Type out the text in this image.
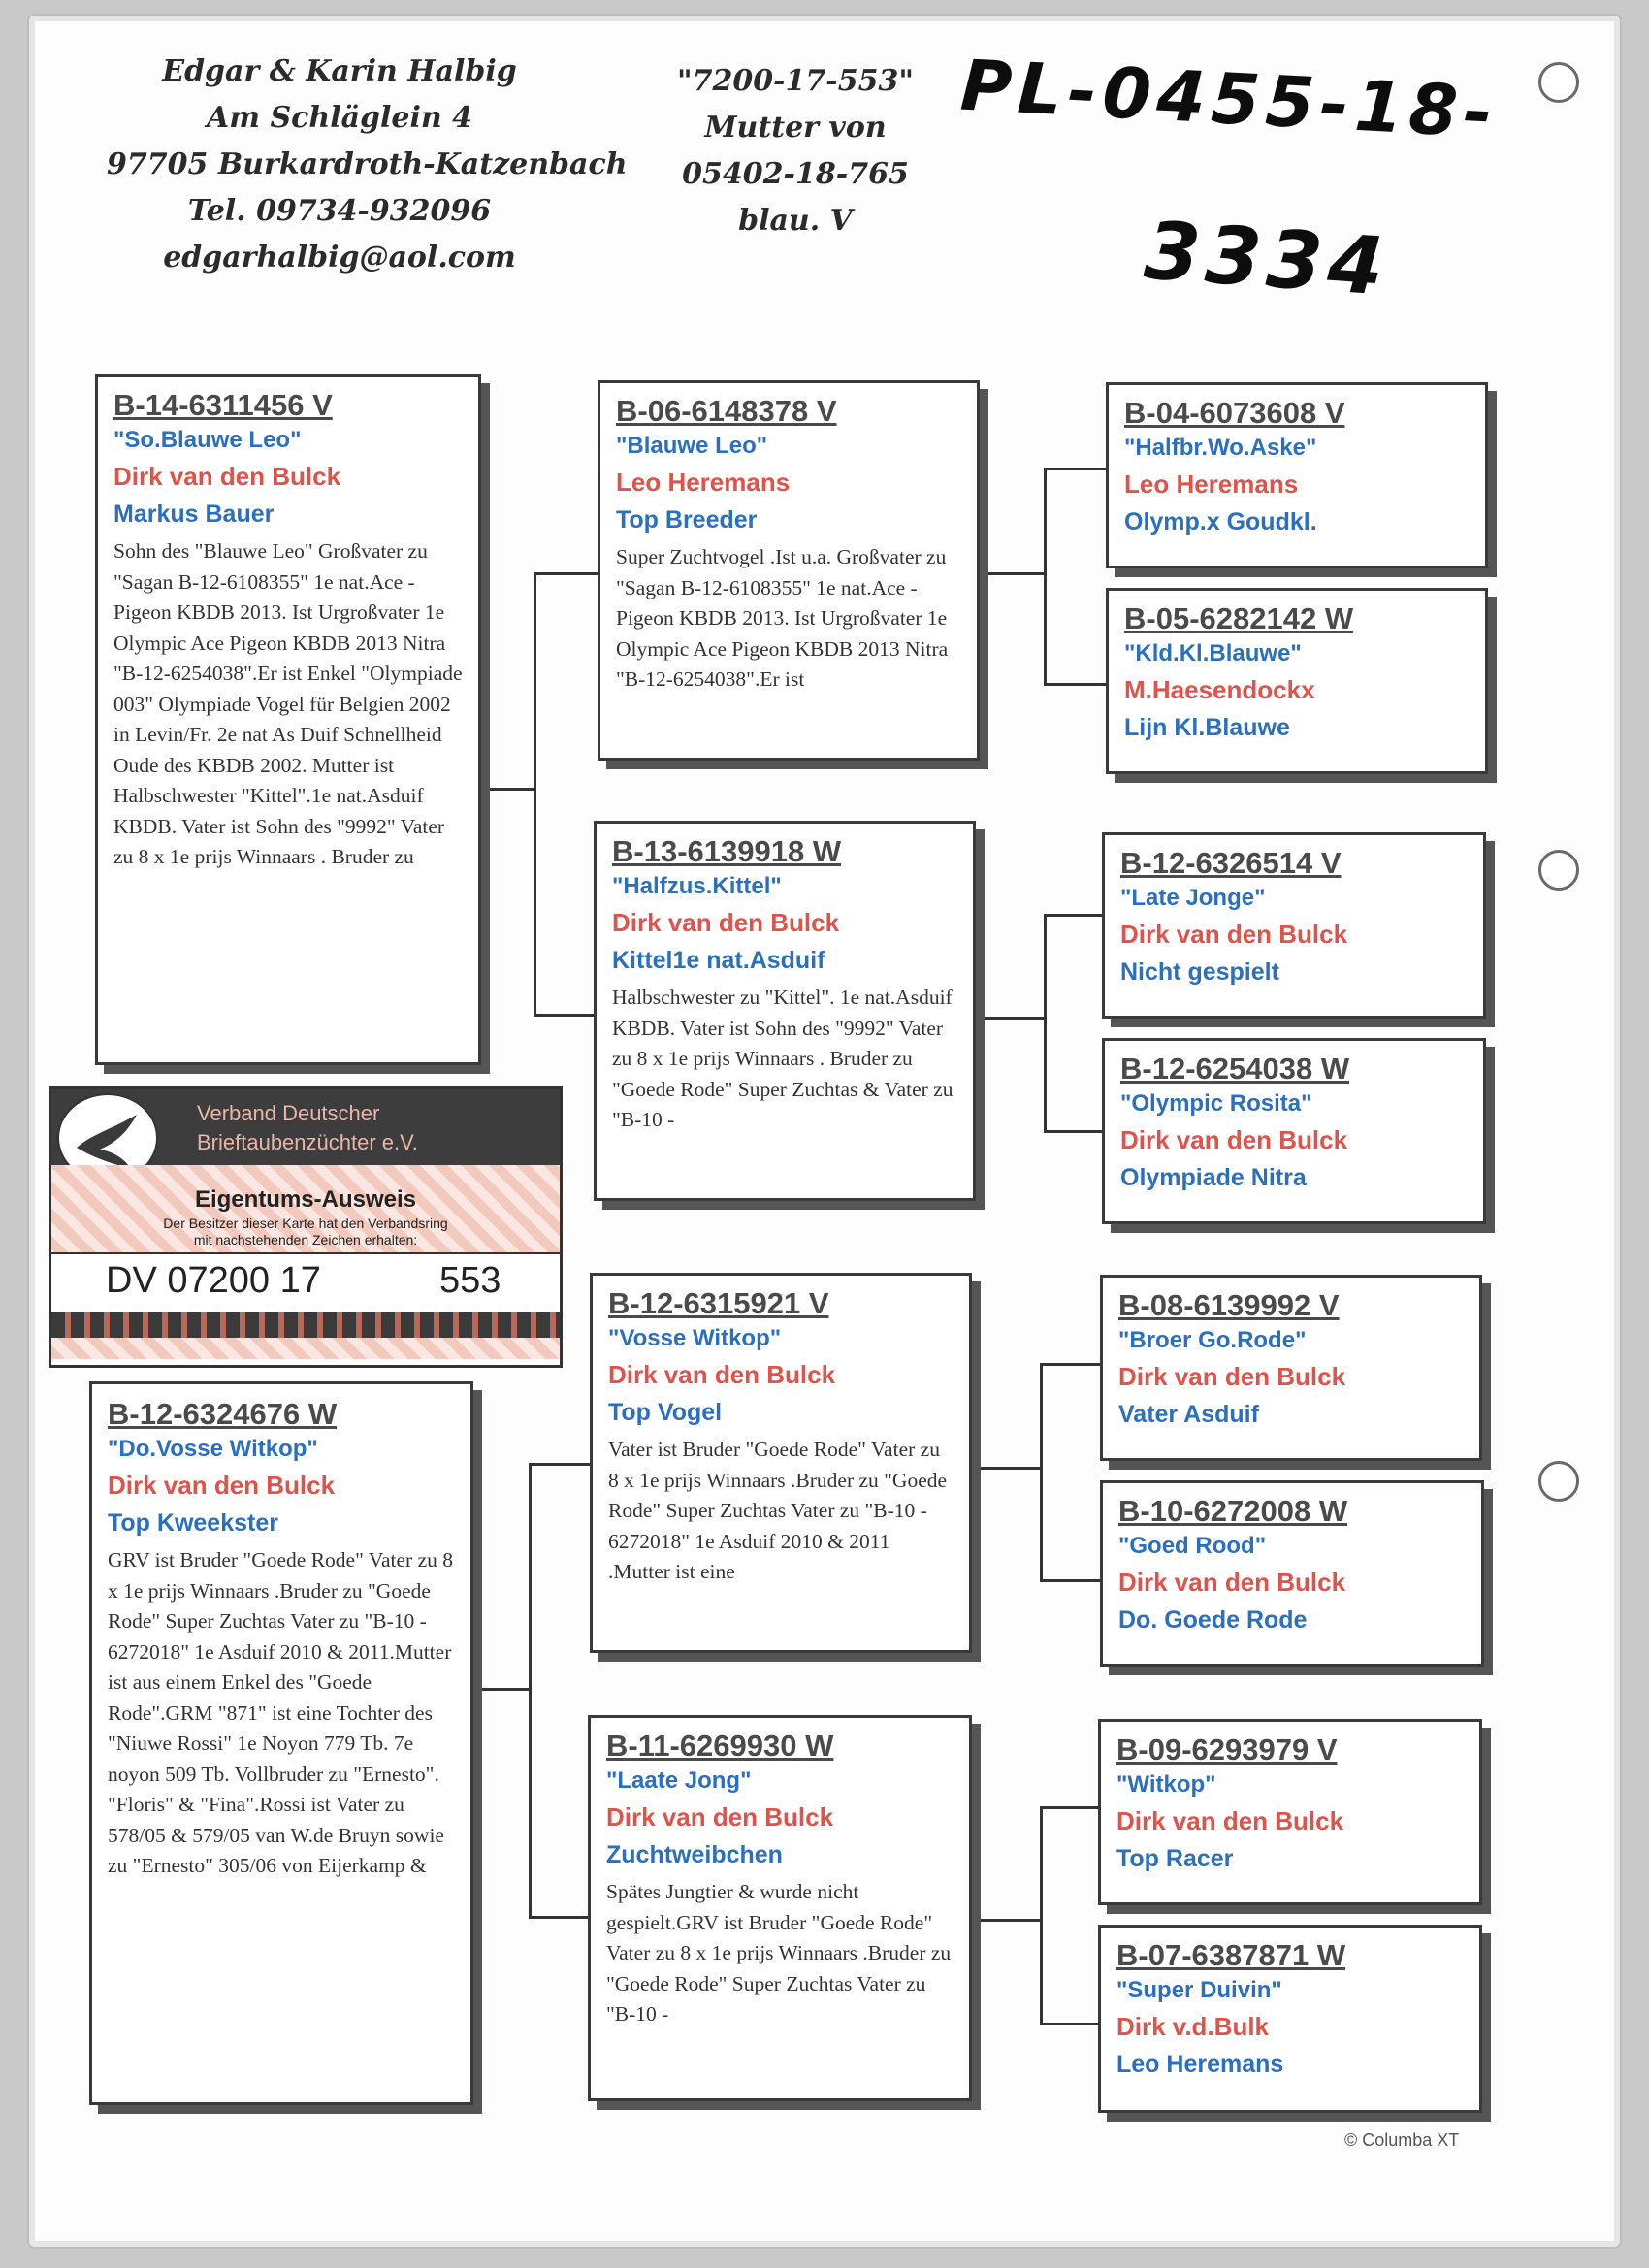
Edgar & Karin Halbig
Am Schläglein 4
97705 Burkardroth-Katzenbach
Tel. 09734-932096
edgarhalbig@aol.com
"7200-17-553"
Mutter von
05402-18-765
blau. V
PL-0455-18-
3334
B-14-6311456 V
"So.Blauwe Leo"
Dirk van den Bulck
Markus Bauer
Sohn des "Blauwe Leo" Großvater zu "Sagan B-12-6108355" 1e nat.Ace - Pigeon KBDB 2013. Ist Urgroßvater 1e Olympic Ace Pigeon KBDB 2013 Nitra "B-12-6254038".Er ist Enkel "Olympiade 003" Olympiade Vogel für Belgien 2002 in Levin/Fr. 2e nat As Duif Schnellheid Oude des KBDB 2002. Mutter ist Halbschwester "Kittel".1e nat.Asduif KBDB. Vater ist Sohn des "9992" Vater zu 8 x 1e prijs Winnaars . Bruder zu
B-12-6324676 W
"Do.Vosse Witkop"
Dirk van den Bulck
Top Kweekster
GRV ist Bruder "Goede Rode" Vater zu 8 x 1e prijs Winnaars .Bruder zu "Goede Rode" Super Zuchtas Vater zu "B-10 - 6272018" 1e Asduif 2010 & 2011.Mutter ist aus einem Enkel des "Goede Rode".GRM "871" ist eine Tochter des "Niuwe Rossi" 1e Noyon 779 Tb. 7e noyon 509 Tb. Vollbruder zu "Ernesto". "Floris" & "Fina".Rossi ist Vater zu 578/05 & 579/05 van W.de Bruyn sowie zu "Ernesto" 305/06 von Eijerkamp &
B-06-6148378 V
"Blauwe Leo"
Leo Heremans
Top Breeder
Super Zuchtvogel .Ist u.a. Großvater zu "Sagan B-12-6108355" 1e nat.Ace - Pigeon KBDB 2013. Ist Urgroßvater 1e Olympic Ace Pigeon KBDB 2013 Nitra "B-12-6254038".Er ist
B-13-6139918 W
"Halfzus.Kittel"
Dirk van den Bulck
Kittel1e nat.Asduif
Halbschwester zu "Kittel". 1e nat.Asduif KBDB. Vater ist Sohn des "9992" Vater zu 8 x 1e prijs Winnaars . Bruder zu "Goede Rode" Super Zuchtas & Vater zu "B-10 -
B-12-6315921 V
"Vosse Witkop"
Dirk van den Bulck
Top Vogel
Vater ist Bruder "Goede Rode" Vater zu 8 x 1e prijs Winnaars .Bruder zu "Goede Rode" Super Zuchtas Vater zu "B-10 - 6272018" 1e Asduif 2010 & 2011 .Mutter ist eine
B-11-6269930 W
"Laate Jong"
Dirk van den Bulck
Zuchtweibchen
Spätes Jungtier & wurde nicht gespielt.GRV ist Bruder "Goede Rode" Vater zu 8 x 1e prijs Winnaars .Bruder zu "Goede Rode" Super Zuchtas Vater zu "B-10 -
B-04-6073608 V
"Halfbr.Wo.Aske"
Leo Heremans
Olymp.x Goudkl.
B-05-6282142 W
"Kld.Kl.Blauwe"
M.Haesendockx
Lijn Kl.Blauwe
B-12-6326514 V
"Late Jonge"
Dirk van den Bulck
Nicht gespielt
B-12-6254038 W
"Olympic Rosita"
Dirk van den Bulck
Olympiade Nitra
B-08-6139992 V
"Broer Go.Rode"
Dirk van den Bulck
Vater Asduif
B-10-6272008 W
"Goed Rood"
Dirk van den Bulck
Do. Goede Rode
B-09-6293979 V
"Witkop"
Dirk van den Bulck
Top Racer
B-07-6387871 W
"Super Duivin"
Dirk v.d.Bulk
Leo Heremans
Verband Deutscher
Brieftaubenzüchter e.V.
Eigentums-Ausweis
Der Besitzer dieser Karte hat den Verbandsring
mit nachstehenden Zeichen erhalten:
DV 07200 17	553
© Columba XT
